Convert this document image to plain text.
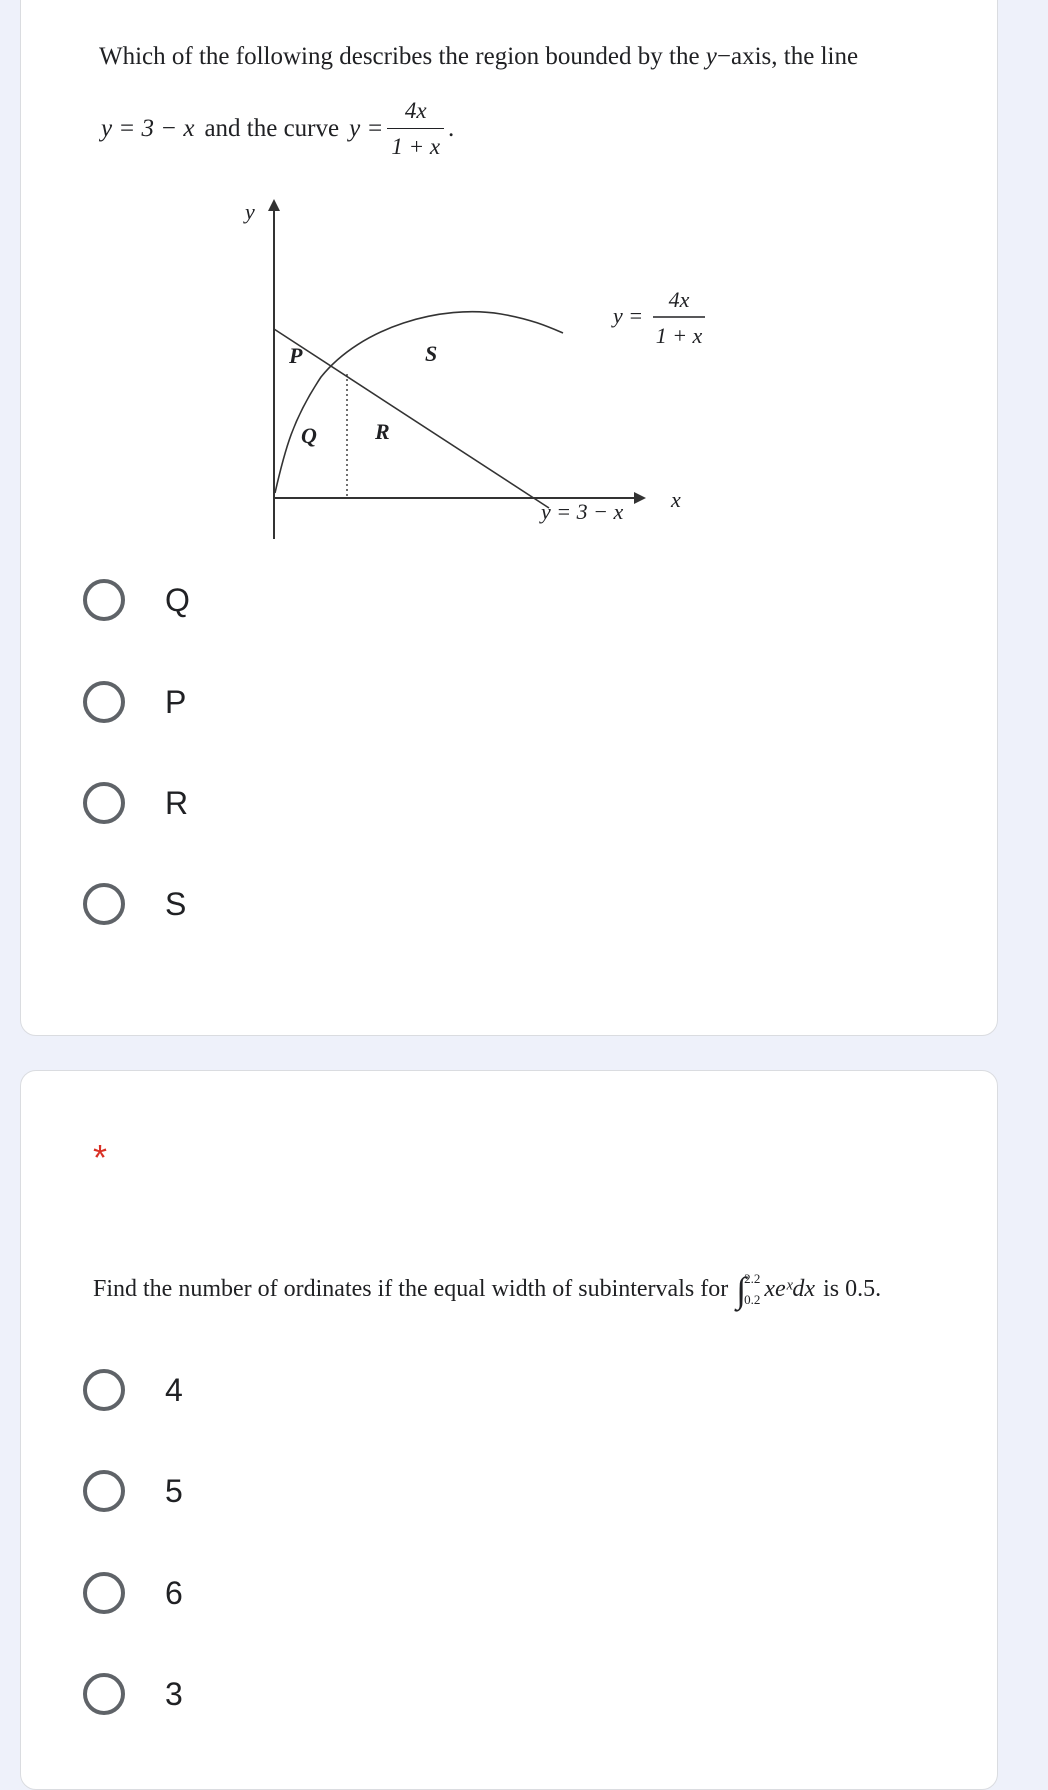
Which of the following describes the region bounded by the y−axis, the line
y = 3 − x and the curve $y = \frac{4x}{1 + x}$ .
y
x
y =
4x
1 + x
y = 3 − x
P	S
Q	R
Q
P
R
S
*
Find the number of ordinates if the equal width of subintervals for ∫
2.2
0.2 xeˣdx is 0.5.
4
5
6
3
